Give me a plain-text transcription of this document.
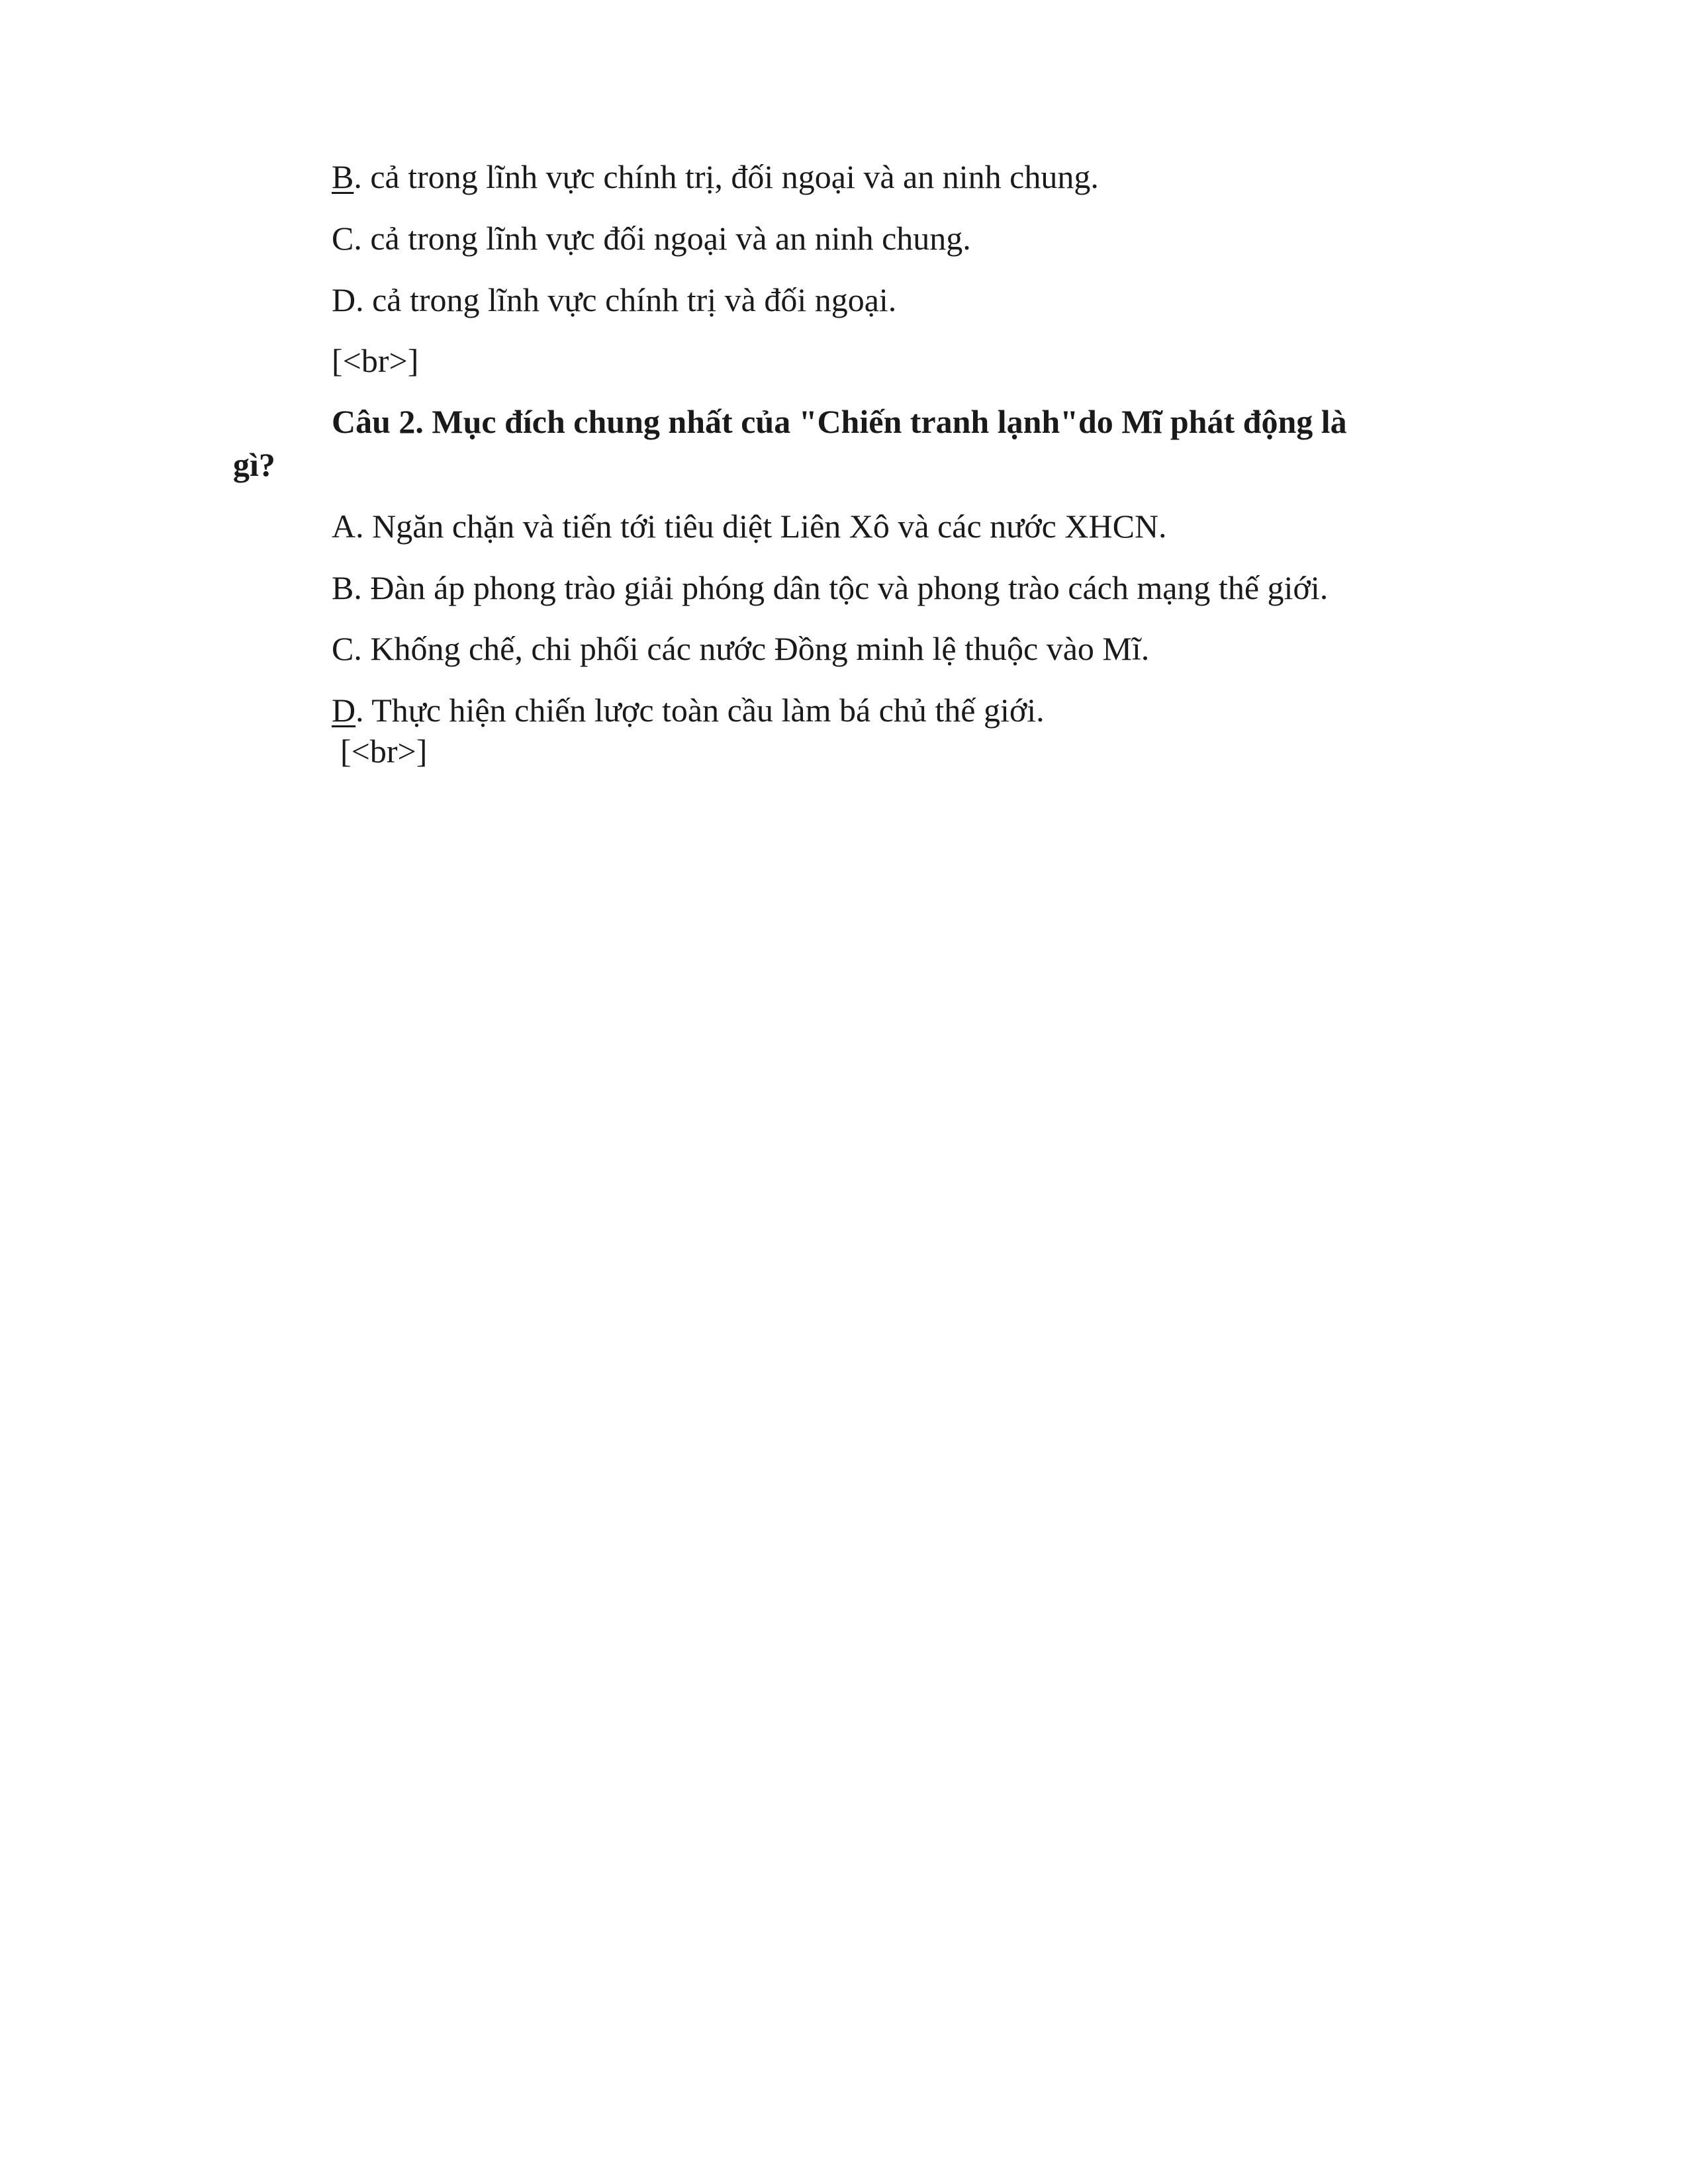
B. cả trong lĩnh vực chính trị, đối ngoại và an ninh chung.
C. cả trong lĩnh vực đối ngoại và an ninh chung.
D. cả trong lĩnh vực chính trị và đối ngoại.
[<br>]
Câu 2. Mục đích chung nhất của "Chiến tranh lạnh"do Mĩ phát động là
gì?
A. Ngăn chặn và tiến tới tiêu diệt Liên Xô và các nước XHCN.
B. Đàn áp phong trào giải phóng dân tộc và phong trào cách mạng thế giới.
C. Khống chế, chi phối các nước Đồng minh lệ thuộc vào Mĩ.
D. Thực hiện chiến lược toàn cầu làm bá chủ thế giới.
[<br>]
